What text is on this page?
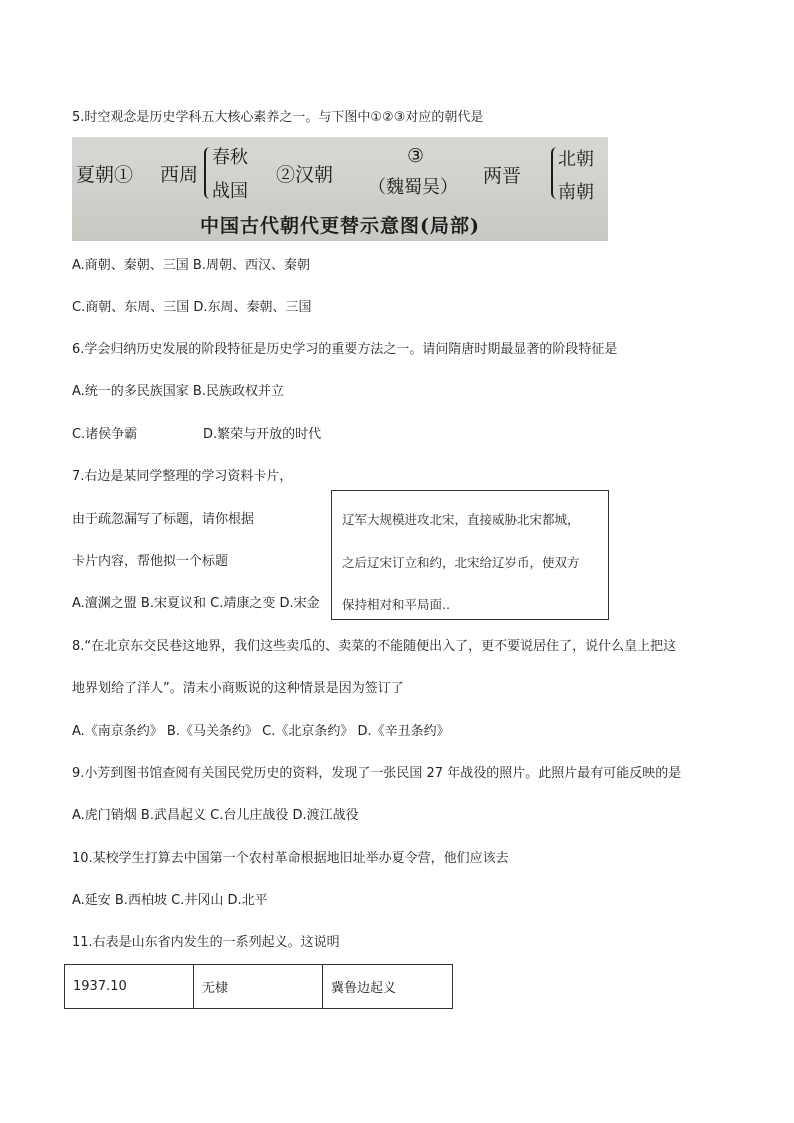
5.时空观念是历史学科五大核心素养之一。与下图中①②③对应的朝代是
夏朝① 西周
春秋
战国
②汉朝
③
（魏蜀吴）
两晋
北朝
南朝
中国古代朝代更替示意图(局部)
A.商朝、秦朝、三国 B.周朝、西汉、秦朝
C.商朝、东周、三国 D.东周、秦朝、三国
6.学会归纳历史发展的阶段特征是历史学习的重要方法之一。请问隋唐时期最显著的阶段特征是
A.统一的多民族国家 B.民族政权并立
C.诸侯争霸	D.繁荣与开放的时代
7.右边是某同学整理的学习资料卡片，
由于疏忽漏写了标题，请你根据
卡片内容，帮他拟一个标题
A.澶渊之盟 B.宋夏议和 C.靖康之变 D.宋金
辽军大规模进攻北宋，直接威胁北宋都城，
之后辽宋订立和约，北宋给辽岁币，使双方
保持相对和平局面..
8.“在北京东交民巷这地界，我们这些卖瓜的、卖菜的不能随便出入了，更不要说居住了，说什么皇上把这
地界划给了洋人”。清末小商贩说的这种情景是因为签订了
A.《南京条约》 B.《马关条约》 C.《北京条约》 D.《辛丑条约》
9.小芳到图书馆查阅有关国民党历史的资料，发现了一张民国 27 年战役的照片。此照片最有可能反映的是
A.虎门销烟 B.武昌起义 C.台儿庄战役 D.渡江战役
10.某校学生打算去中国第一个农村革命根据地旧址举办夏令营，他们应该去
A.延安 B.西柏坡 C.井冈山 D.北平
11.右表是山东省内发生的一系列起义。这说明
1937.10	无棣	冀鲁边起义
